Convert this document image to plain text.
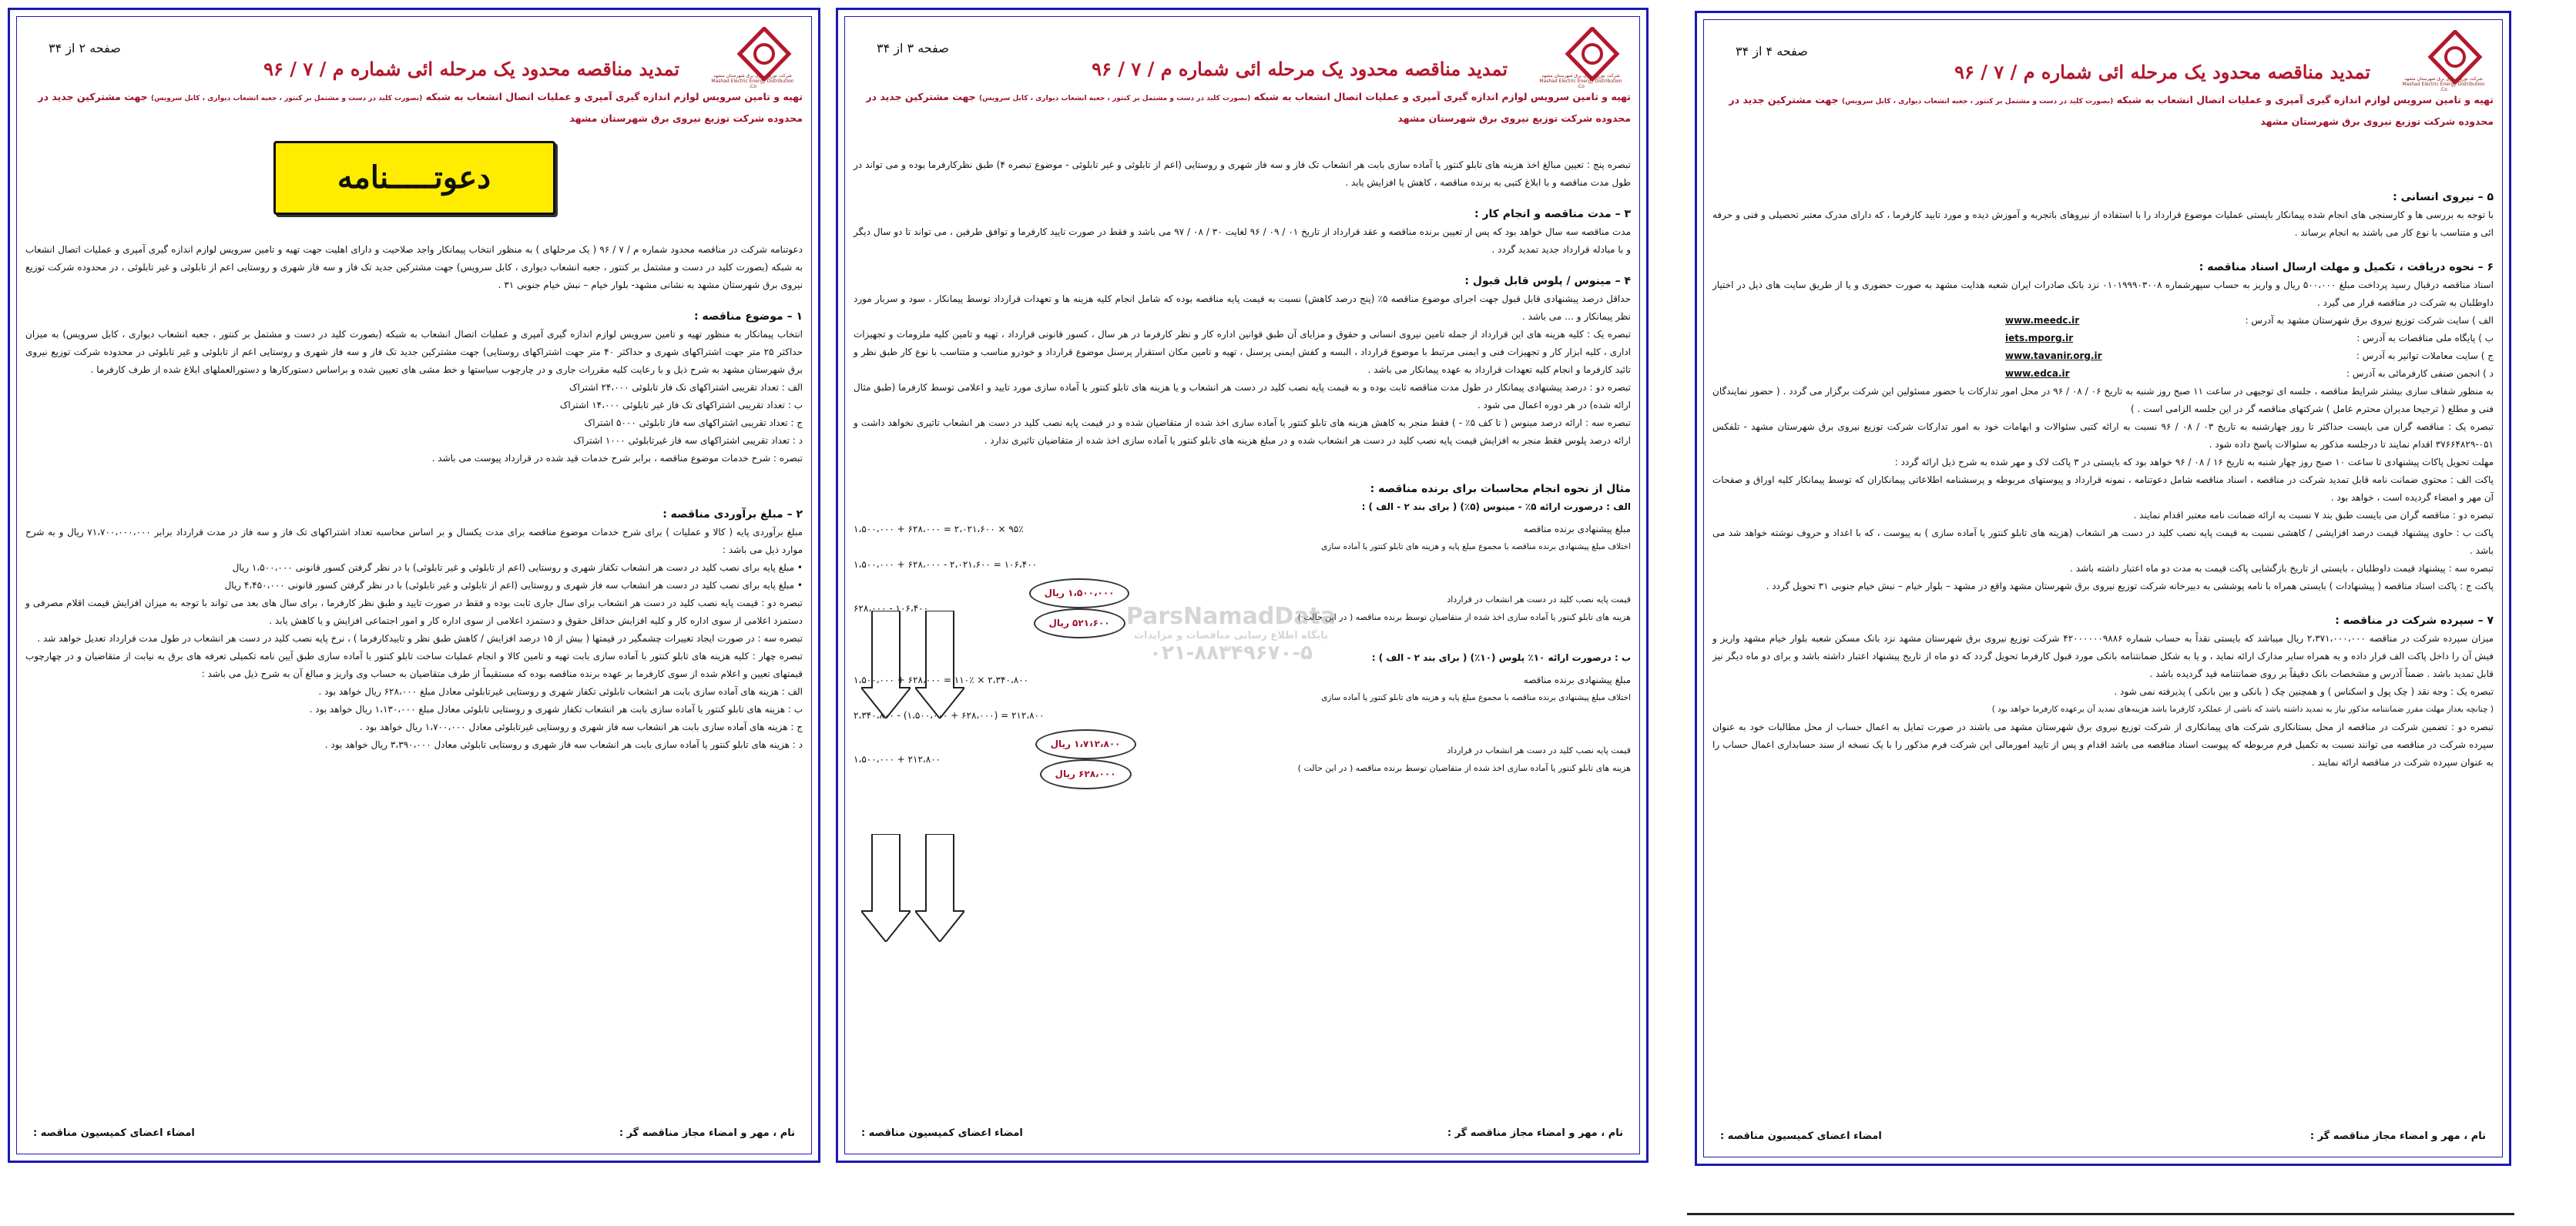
شرکت توزیع نیروی برق شهرستان مشهد Mashad Electric Energy Distribution Co.
تمدید مناقصه محدود یک مرحله ائی شماره م / ۷ / ۹۶
صفحه ۲ از ۳۴
تهیه و تامین سرویس لوازم اندازه گیری آمپری و عملیات اتصال انشعاب به شبکه (بصورت کلید در دست و مشتمل بر کنتور ، جعبه انشعاب دیواری ، کابل سرویس) جهت مشترکین جدید در محدوده شرکت توزیع نیروی برق شهرستان مشهد
دعوتـــــنامه
دعوتنامه شرکت در مناقصه محدود شماره م / ۷ / ۹۶ ( یک مرحلهای ) به منظور انتخاب پیمانکار واجد صلاحیت و دارای اهلیت جهت تهیه و تامین سرویس لوازم اندازه گیری آمپری و عملیات اتصال انشعاب به شبکه (بصورت کلید در دست و مشتمل بر کنتور ، جعبه انشعاب دیواری ، کابل سرویس) جهت مشترکین جدید تک فاز و سه فاز شهری و روستایی اعم از تابلوئی و غیر تابلوئی ، در محدوده شرکت توزیع نیروی برق شهرستان مشهد به نشانی مشهد- بلوار خیام – نبش خیام جنوبی ۳۱ .
۱ – موضوع مناقصه :
انتخاب پیمانکار به منظور تهیه و تامین سرویس لوازم اندازه گیری آمپری و عملیات اتصال انشعاب به شبکه (بصورت کلید در دست و مشتمل بر کنتور ، جعبه انشعاب دیواری ، کابل سرویس) به میزان حداکثر ۲۵ متر جهت اشتراکهای شهری و حداکثر ۴۰ متر جهت اشتراکهای روستایی) جهت مشترکین جدید تک فاز و سه فاز شهری و روستایی اعم از تابلوئی و غیر تابلوئی در محدوده شرکت توزیع نیروی برق شهرستان مشهد به شرح ذیل و با رعایت کلیه مقررات جاری و در چارچوب سیاستها و خط مشی های تعیین شده و براساس دستورکارها و دستورالعملهای ابلاغ شده از طرف کارفرما .
الف : تعداد تقریبی اشتراکهای تک فاز تابلوئی ۲۴،۰۰۰ اشتراک
ب : تعداد تقریبی اشتراکهای تک فاز غیر تابلوئی ۱۴،۰۰۰ اشتراک
ج : تعداد تقریبی اشتراکهای سه فاز تابلوئی ۵۰۰۰ اشتراک
د : تعداد تقریبی اشتراکهای سه فاز غیرتابلوئی ۱۰۰۰ اشتراک
تبصره : شرح خدمات موضوع مناقصه ، برابر شرح خدمات قید شده در قرارداد پیوست می باشد .
۲ – مبلغ برآوردی مناقصه :
مبلغ برآوردی پایه ( کالا و عملیات ) برای شرح خدمات موضوع مناقصه برای مدت یکسال و بر اساس محاسبه تعداد اشتراکهای تک فاز و سه فاز در مدت قرارداد برابر ۷۱،۷۰۰،۰۰۰،۰۰۰ ریال و به شرح موارد ذیل می باشد :
• مبلغ پایه برای نصب کلید در دست هر انشعاب تکفاز شهری و روستایی (اعم از تابلوئی و غیر تابلوئی) با در نظر گرفتن کسور قانونی ۱،۵۰۰،۰۰۰ ریال
• مبلغ پایه برای نصب کلید در دست هر انشعاب سه فاز شهری و روستایی (اعم از تابلوئی و غیر تابلوئی) با در نظر گرفتن کسور قانونی ۴،۴۵۰،۰۰۰ ریال
تبصره دو : قیمت پایه نصب کلید در دست هر انشعاب برای سال جاری ثابت بوده و فقط در صورت تایید و طبق نظر کارفرما ، برای سال های بعد می تواند با توجه به میزان افزایش قیمت اقلام مصرفی و دستمزد اعلامی از سوی اداره کار و کلیه افزایش حداقل حقوق و دستمزد اعلامی از سوی اداره کار و امور اجتماعی افزایش و یا کاهش یابد .
تبصره سه : در صورت ایجاد تغییرات چشمگیر در قیمتها ( بیش از ۱۵ درصد افزایش / کاهش طبق نظر و تاییدکارفرما ) ، نرخ پایه نصب کلید در دست هر انشعاب در طول مدت قرارداد تعدیل خواهد شد .
تبصره چهار : کلیه هزینه های تابلو کنتور با آماده سازی بابت تهیه و تامین کالا و انجام عملیات ساخت تابلو کنتور با آماده سازی طبق آیین نامه تکمیلی تعرفه های برق به نیابت از متقاضیان و در چهارچوب قیمتهای تعیین و اعلام شده از سوی کارفرما بر عهده برنده مناقصه بوده که مستقیماً از طرف متقاضیان به حساب وی واریز و مبالغ آن به شرح ذیل می باشد :
الف : هزینه های آماده سازی بابت هر انشعاب تابلوئی تکفاز شهری و روستایی غیرتابلوئی معادل مبلغ ۶۲۸،۰۰۰ ریال خواهد بود .
ب : هزینه های تابلو کنتور یا آماده سازی بابت هر انشعاب تکفاز شهری و روستایی تابلوئی معادل مبلغ ۱،۱۳۰،۰۰۰ ریال خواهد بود .
ج : هزینه های آماده سازی بابت هر انشعاب سه فاز شهری و روستایی غیرتابلوئی معادل ۱،۷۰۰،۰۰۰ ریال خواهد بود .
د : هزینه های تابلو کنتور یا آماده سازی بابت هر انشعاب سه فاز شهری و روستایی تابلوئی معادل ۳،۳۹۰،۰۰۰ ریال خواهد بود .
نام ، مهر و امضاء مجاز مناقصه گر :
امضاء اعضای کمیسیون مناقصه :
شرکت توزیع نیروی برق شهرستان مشهد Mashad Electric Energy Distribution Co.
تمدید مناقصه محدود یک مرحله ائی شماره م / ۷ / ۹۶
صفحه ۳ از ۳۴
تهیه و تامین سرویس لوازم اندازه گیری آمپری و عملیات اتصال انشعاب به شبکه (بصورت کلید در دست و مشتمل بر کنتور ، جعبه انشعاب دیواری ، کابل سرویس) جهت مشترکین جدید در محدوده شرکت توزیع نیروی برق شهرستان مشهد
تبصره پنج : تعیین مبالغ اخذ هزینه های تابلو کنتور یا آماده سازی بابت هر انشعاب تک فاز و سه فاز شهری و روستایی (اعم از تابلوئی و غیر تابلوئی - موضوع تبصره ۴) طبق نظرکارفرما بوده و می تواند در طول مدت مناقصه و با ابلاغ کتبی به برنده مناقصه ، کاهش یا افزایش یابد .
۳ – مدت مناقصه و انجام کار :
مدت مناقصه سه سال خواهد بود که پس از تعیین برنده مناقصه و عقد قرارداد از تاریخ ۰۱ / ۰۹ / ۹۶ لغایت ۳۰ / ۰۸ / ۹۷ می باشد و فقط در صورت تایید کارفرما و توافق طرفین ، می تواند تا دو سال دیگر و با مبادله قرارداد جدید تمدید گردد .
۴ – مینوس / پلوس قابل قبول :
حداقل درصد پیشنهادی قابل قبول جهت اجرای موضوع مناقصه ۵٪ (پنج درصد کاهش) نسبت به قیمت پایه مناقصه بوده که شامل انجام کلیه هزینه ها و تعهدات قرارداد توسط پیمانکار ، سود و سربار مورد نظر پیمانکار و … می باشد .
تبصره یک : کلیه هزینه های این قرارداد از جمله تامین نیروی انسانی و حقوق و مزایای آن طبق قوانین اداره کار و نظر کارفرما در هر سال ، کسور قانونی قرارداد ، تهیه و تامین کلیه ملزومات و تجهیزات اداری ، کلیه ابزار کار و تجهیزات فنی و ایمنی مرتبط با موضوع قرارداد ، البسه و کفش ایمنی پرسنل ، تهیه و تامین مکان استقرار پرسنل موضوع قرارداد و خودرو مناسب و متناسب با نوع کار طبق نظر و تائید کارفرما و انجام کلیه تعهدات قرارداد به عهده پیمانکار می باشد .
تبصره دو : درصد پیشنهادی پیمانکار در طول مدت مناقصه ثابت بوده و به قیمت پایه نصب کلید در دست هر انشعاب و یا هزینه های تابلو کنتور یا آماده سازی مورد تایید و اعلامی توسط کارفرما (طبق مثال ارائه شده) در هر دوره اعمال می شود .
تبصره سه : ارائه درصد مینوس ( تا کف ۵٪ - ) فقط منجر به کاهش هزینه های تابلو کنتور یا آماده سازی اخذ شده از متقاضیان شده و در قیمت پایه نصب کلید در دست هر انشعاب تاثیری نخواهد داشت و ارائه درصد پلوس فقط منجر به افزایش قیمت پایه نصب کلید در دست هر انشعاب شده و در مبلغ هزینه های تابلو کنتور یا آماده سازی اخذ شده از متقاضیان تاثیری ندارد .
مثال از نحوه انجام محاسبات برای برنده مناقصه :
الف : درصورت ارائه ۵٪ - مینوس (۵٪) ( برای بند ۲ - الف ) :
مبلغ پیشنهادی برنده مناقصه
۱،۵۰۰،۰۰۰ + ۶۲۸،۰۰۰ = ۲،۰۲۱،۶۰۰ × ۹۵٪
اختلاف مبلغ پیشنهادی برنده مناقصه با مجموع مبلغ پایه و هزینه های تابلو کنتور یا آماده سازی
۱،۵۰۰،۰۰۰ + ۶۲۸،۰۰۰ - ۲،۰۲۱،۶۰۰ = ۱۰۶،۴۰۰
قیمت پایه نصب کلید در دست هر انشعاب در قرارداد
هزینه های تابلو کنتور یا آماده سازی اخذ شده از متقاضیان توسط برنده مناقصه ( در این حالت )
۱،۵۰۰،۰۰۰ ریال
۵۲۱،۶۰۰ ریال
۶۲۸،۰۰۰ - ۱۰۶،۴۰۰
ب : درصورت ارائه ۱۰٪ پلوس (۱۰٪) ( برای بند ۲ - الف ) :
مبلغ پیشنهادی برنده مناقصه
۱،۵۰۰،۰۰۰ + ۶۲۸،۰۰۰ = ۱۱۰٪ × ۲،۳۴۰،۸۰۰
اختلاف مبلغ پیشنهادی برنده مناقصه با مجموع مبلغ پایه و هزینه های تابلو کنتور یا آماده سازی
۲،۳۴۰،۸۰۰ - (۱،۵۰۰،۰۰۰ + ۶۲۸،۰۰۰) = ۲۱۲،۸۰۰
قیمت پایه نصب کلید در دست هر انشعاب در قرارداد
هزینه های تابلو کنتور یا آماده سازی اخذ شده از متقاضیان توسط برنده مناقصه ( در این حالت )
۱،۷۱۲،۸۰۰ ریال
۶۲۸،۰۰۰ ریال
۱،۵۰۰،۰۰۰ + ۲۱۲،۸۰۰
ParsNamadData
پایگاه اطلاع رسانی مناقصات و مزایدات
۰۲۱-۸۸۳۴۹۶۷۰-۵
نام ، مهر و امضاء مجاز مناقصه گر :
امضاء اعضای کمیسیون مناقصه :
شرکت توزیع نیروی برق شهرستان مشهد Mashad Electric Energy Distribution Co.
تمدید مناقصه محدود یک مرحله ائی شماره م / ۷ / ۹۶
صفحه ۴ از ۳۴
تهیه و تامین سرویس لوازم اندازه گیری آمپری و عملیات اتصال انشعاب به شبکه (بصورت کلید در دست و مشتمل بر کنتور ، جعبه انشعاب دیواری ، کابل سرویس) جهت مشترکین جدید در محدوده شرکت توزیع نیروی برق شهرستان مشهد
۵ – نیروی انسانی :
با توجه به بررسی ها و کارسنجی های انجام شده پیمانکار بایستی عملیات موضوع قرارداد را با استفاده از نیروهای باتجربه و آموزش دیده و مورد تایید کارفرما ، که دارای مدرک معتبر تحصیلی و فنی و حرفه ائی و متناسب با نوع کار می باشند به انجام برساند .
۶ – نحوه دریافت ، تکمیل و مهلت ارسال اسناد مناقصه :
اسناد مناقصه درقبال رسید پرداخت مبلغ ۵۰۰،۰۰۰ ریال و واریز به حساب سپهرشماره ۰۱۰۱۹۹۹۰۳۰۰۸ نزد بانک صادرات ایران شعبه هدایت مشهد به صورت حضوری و یا از طریق سایت های ذیل در اختیار داوطلبان به شرکت در مناقصه قرار می گیرد .
الف ) سایت شرکت توزیع نیروی برق شهرستان مشهد به آدرس :
www.meedc.ir
ب ) پایگاه ملی مناقصات به آدرس :
iets.mporg.ir
ج ) سایت معاملات توانیر به آدرس :
www.tavanir.org.ir
د ) انجمن صنفی کارفرمائی به آدرس :
www.edca.ir
به منظور شفاف سازی بیشتر شرایط مناقصه ، جلسه ای توجیهی در ساعت ۱۱ صبح روز شنبه به تاریخ ۰۶ / ۰۸ / ۹۶ در محل امور تدارکات با حضور مسئولین این شرکت برگزار می گردد . ( حضور نمایندگان فنی و مطلع ( ترجیحا مدیران محترم عامل ) شرکتهای مناقصه گر در این جلسه الزامی است . )
تبصره یک : مناقصه گران می بایست حداکثر تا روز چهارشنبه به تاریخ ۰۳ / ۰۸ / ۹۶ نسبت به ارائه کتبی سئوالات و ابهامات خود به امور تدارکات شرکت توزیع نیروی برق شهرستان مشهد - تلفکس ۰۵۱-۳۷۶۶۴۸۲۹ اقدام نمایند تا درجلسه مذکور به سئوالات پاسخ داده شود .
مهلت تحویل پاکات پیشنهادی تا ساعت ۱۰ صبح روز چهار شنبه به تاریخ ۱۶ / ۰۸ / ۹۶ خواهد بود که بایستی در ۳ پاکت لاک و مهر شده به شرح ذیل ارائه گردد :
پاکت الف : محتوی ضمانت نامه قابل تمدید شرکت در مناقصه ، اسناد مناقصه شامل دعوتنامه ، نمونه قرارداد و پیوستهای مربوطه و پرسشنامه اطلاعاتی پیمانکاران که توسط پیمانکار کلیه اوراق و صفحات آن مهر و امضاء گردیده است ، خواهد بود .
تبصره دو : مناقصه گران می بایست طبق بند ۷ نسبت به ارائه ضمانت نامه معتبر اقدام نمایند .
پاکت ب : حاوی پیشنهاد قیمت درصد افزایشی / کاهشی نسبت به قیمت پایه نصب کلید در دست هر انشعاب (هزینه های تابلو کنتور یا آماده سازی ) به پیوست ، که با اعداد و حروف نوشته خواهد شد می باشد .
تبصره سه : پیشنهاد قیمت داوطلبان ، بایستی از تاریخ بازگشایی پاکت قیمت به مدت دو ماه اعتبار داشته باشد .
پاکت ج : پاکت اسناد مناقصه ( پیشنهادات ) بایستی همراه با نامه پوششی به دبیرخانه شرکت توزیع نیروی برق شهرستان مشهد واقع در مشهد – بلوار خیام – نبش خیام جنوبی ۳۱ تحویل گردد .
۷ – سپرده شرکت در مناقصه :
میزان سپرده شرکت در مناقصه ۲،۳۷۱،۰۰۰،۰۰۰ ریال میباشد که بایستی نقداً به حساب شماره ۴۲۰۰۰۰۰۰۹۸۸۶ شرکت توزیع نیروی برق شهرستان مشهد نزد بانک مسکن شعبه بلوار خیام مشهد واریز و فیش آن را داخل پاکت الف قرار داده و به همراه سایر مدارک ارائه نماید ، و یا به شکل ضمانتنامه بانکی مورد قبول کارفرما تحویل گردد که دو ماه از تاریخ پیشنهاد اعتبار داشته باشد و برای دو ماه دیگر نیز قابل تمدید باشد . ضمناً آدرس و مشخصات بانک دقیقاً بر روی ضمانتنامه قید گردیده باشد .
تبصره یک : وجه نقد ( چک پول و اسکناس ) و همچنین چک ( بانکی و بین بانکی ) پذیرفته نمی شود .
( چنانچه بعداز مهلت مقرر ضمانتنامه مذکور نیاز به تمدید داشته باشد که ناشی از عملکرد کارفرما باشد هزینه‌های تمدید آن برعهده کارفرما خواهد بود )
تبصره دو : تضمین شرکت در مناقصه از محل بستانکاری شرکت های پیمانکاری از شرکت توزیع نیروی برق شهرستان مشهد می باشند در صورت تمایل به اعمال حساب از محل مطالبات خود به عنوان سپرده شرکت در مناقصه می توانند نسبت به تکمیل فرم مربوطه که پیوست اسناد مناقصه می باشد اقدام و پس از تایید امورمالی این شرکت فرم مذکور را با یک نسخه از سند حسابداری اعمال حساب را به عنوان سپرده شرکت در مناقصه ارائه نمایند .
نام ، مهر و امضاء مجاز مناقصه گر :
امضاء اعضای کمیسیون مناقصه :
